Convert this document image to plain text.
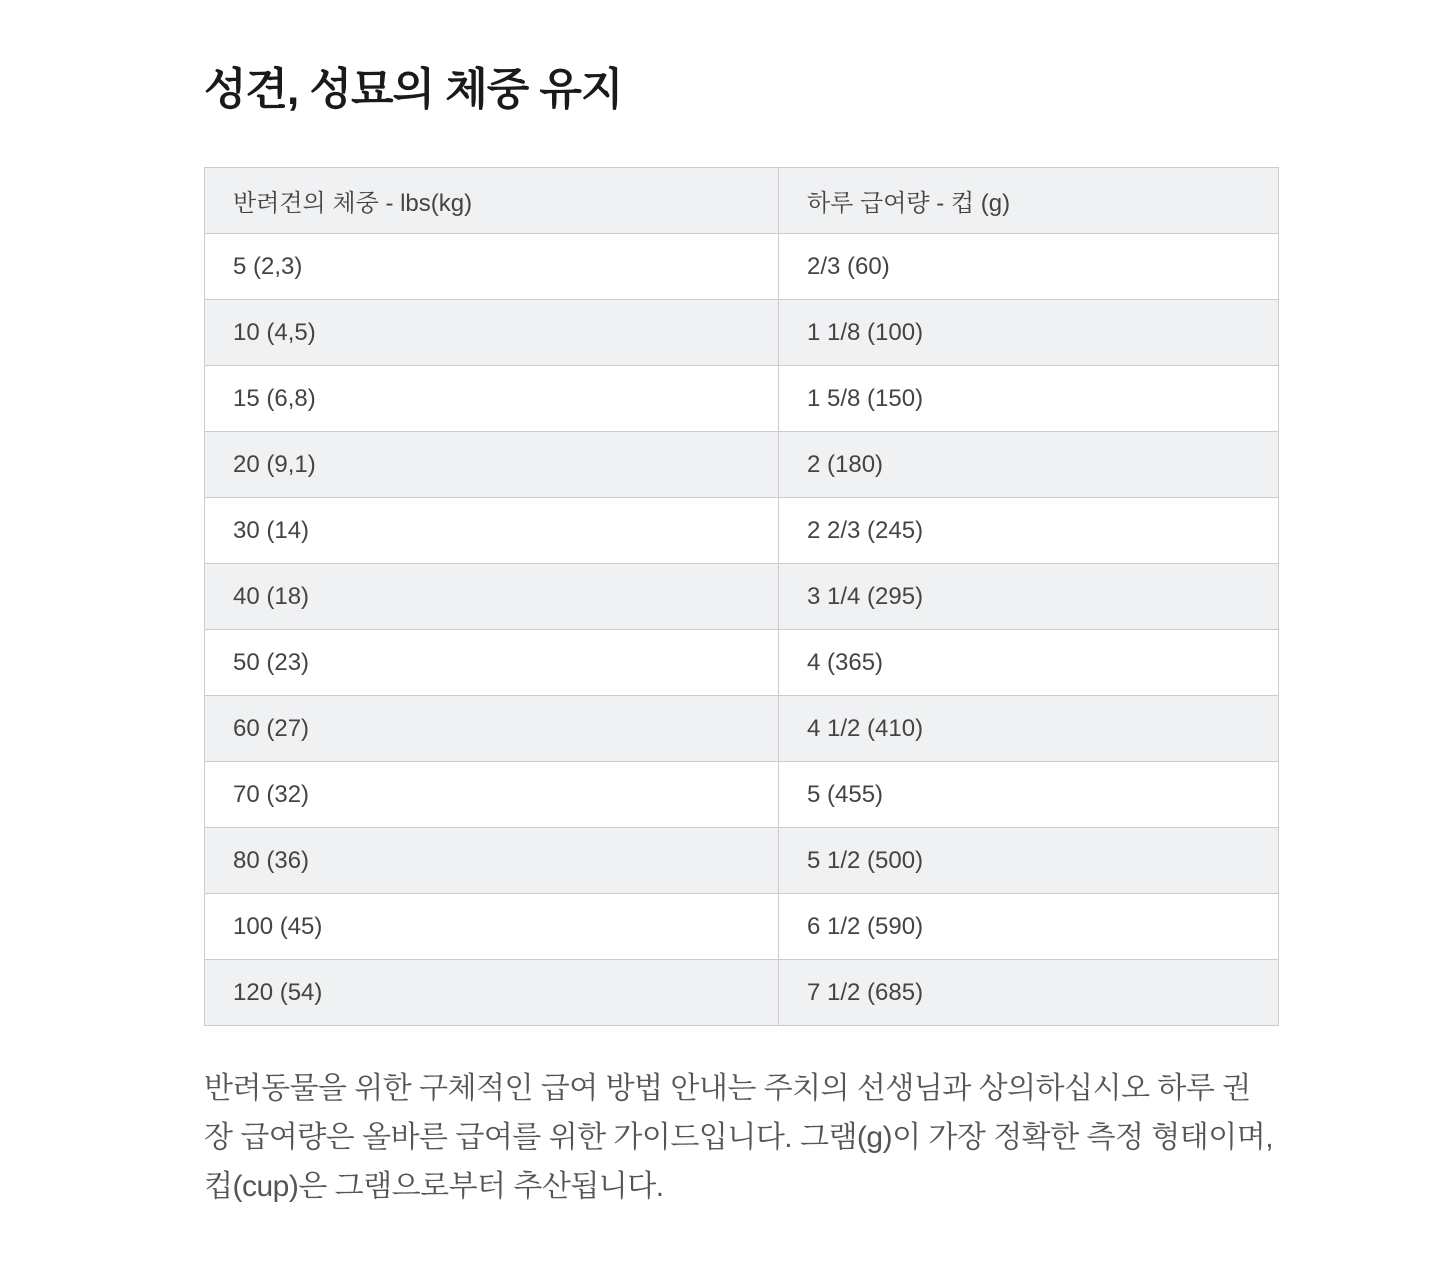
성견, 성묘의 체중 유지
반려견의 체중 - lbs(kg)	하루 급여량 - 컵 (g)
5 (2,3)	2/3 (60)
10 (4,5)	1 1/8 (100)
15 (6,8)	1 5/8 (150)
20 (9,1)	2 (180)
30 (14)	2 2/3 (245)
40 (18)	3 1/4 (295)
50 (23)	4 (365)
60 (27)	4 1/2 (410)
70 (32)	5 (455)
80 (36)	5 1/2 (500)
100 (45)	6 1/2 (590)
120 (54)	7 1/2 (685)

반려동물을 위한 구체적인 급여 방법 안내는 주치의 선생님과 상의하십시오 하루 권장 급여량은 올바른 급여를 위한 가이드입니다. 그램(g)이 가장 정확한 측정 형태이며, 컵(cup)은 그램으로부터 추산됩니다.
